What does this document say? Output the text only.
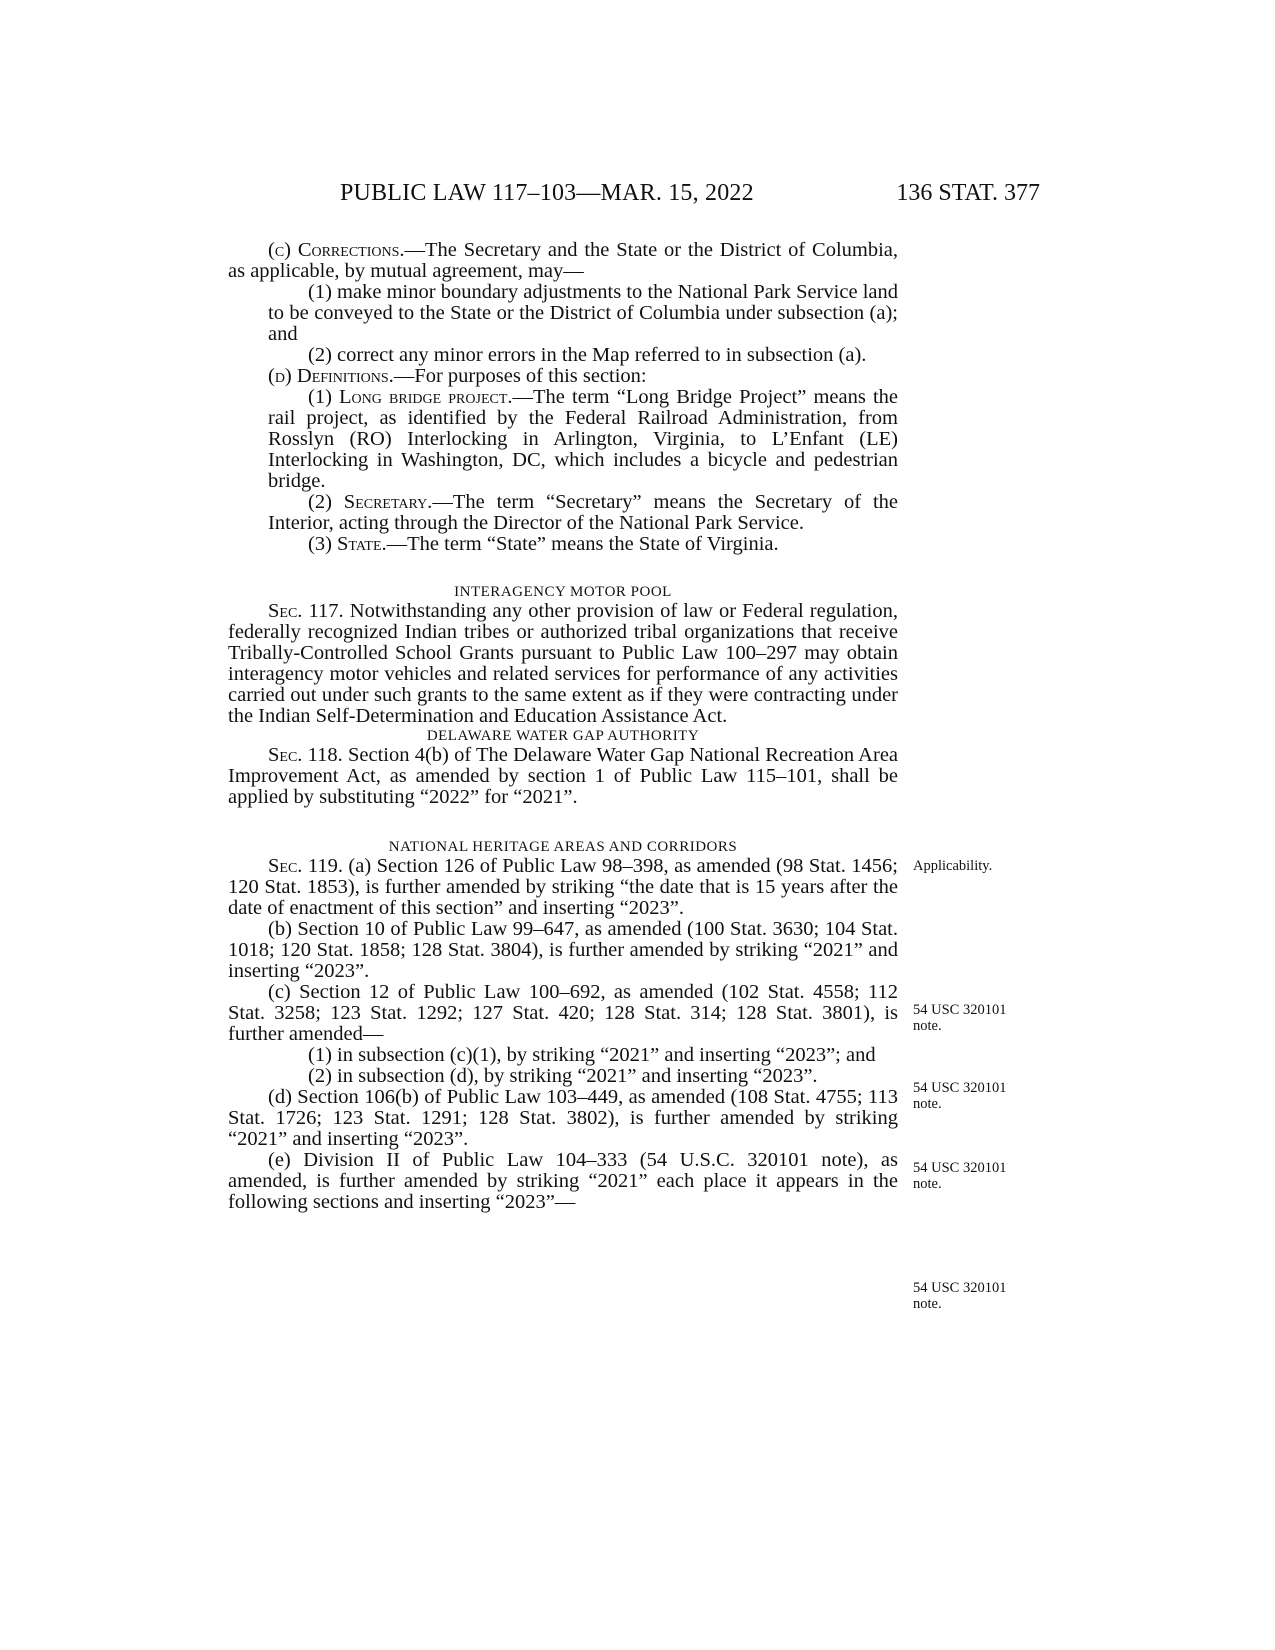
PUBLIC LAW 117–103—MAR. 15, 2022	136 STAT. 377

(c) Corrections.—The Secretary and the State or the District of Columbia, as applicable, by mutual agreement, may—

(1) make minor boundary adjustments to the National Park Service land to be conveyed to the State or the District of Columbia under subsection (a); and

(2) correct any minor errors in the Map referred to in subsection (a).

(d) Definitions.—For purposes of this section:

(1) Long bridge project.—The term “Long Bridge Project” means the rail project, as identified by the Federal Railroad Administration, from Rosslyn (RO) Interlocking in Arlington, Virginia, to L’Enfant (LE) Interlocking in Washington, DC, which includes a bicycle and pedestrian bridge.

(2) Secretary.—The term “Secretary” means the Secretary of the Interior, acting through the Director of the National Park Service.

(3) State.—The term “State” means the State of Virginia.

INTERAGENCY MOTOR POOL

Sec. 117. Notwithstanding any other provision of law or Federal regulation, federally recognized Indian tribes or authorized tribal organizations that receive Tribally-Controlled School Grants pursuant to Public Law 100–297 may obtain interagency motor vehicles and related services for performance of any activities carried out under such grants to the same extent as if they were contracting under the Indian Self-Determination and Education Assistance Act.

DELAWARE WATER GAP AUTHORITY

Sec. 118. Section 4(b) of The Delaware Water Gap National Recreation Area Improvement Act, as amended by section 1 of Public Law 115–101, shall be applied by substituting “2022” for “2021”.

NATIONAL HERITAGE AREAS AND CORRIDORS

Sec. 119. (a) Section 126 of Public Law 98–398, as amended (98 Stat. 1456; 120 Stat. 1853), is further amended by striking “the date that is 15 years after the date of enactment of this section” and inserting “2023”.

(b) Section 10 of Public Law 99–647, as amended (100 Stat. 3630; 104 Stat. 1018; 120 Stat. 1858; 128 Stat. 3804), is further amended by striking “2021” and inserting “2023”.

(c) Section 12 of Public Law 100–692, as amended (102 Stat. 4558; 112 Stat. 3258; 123 Stat. 1292; 127 Stat. 420; 128 Stat. 314; 128 Stat. 3801), is further amended—

(1) in subsection (c)(1), by striking “2021” and inserting “2023”; and

(2) in subsection (d), by striking “2021” and inserting “2023”.

(d) Section 106(b) of Public Law 103–449, as amended (108 Stat. 4755; 113 Stat. 1726; 123 Stat. 1291; 128 Stat. 3802), is further amended by striking “2021” and inserting “2023”.

(e) Division II of Public Law 104–333 (54 U.S.C. 320101 note), as amended, is further amended by striking “2021” each place it appears in the following sections and inserting “2023”—

Applicability.
54 USC 320101 note.
54 USC 320101 note.
54 USC 320101 note.
54 USC 320101 note.
